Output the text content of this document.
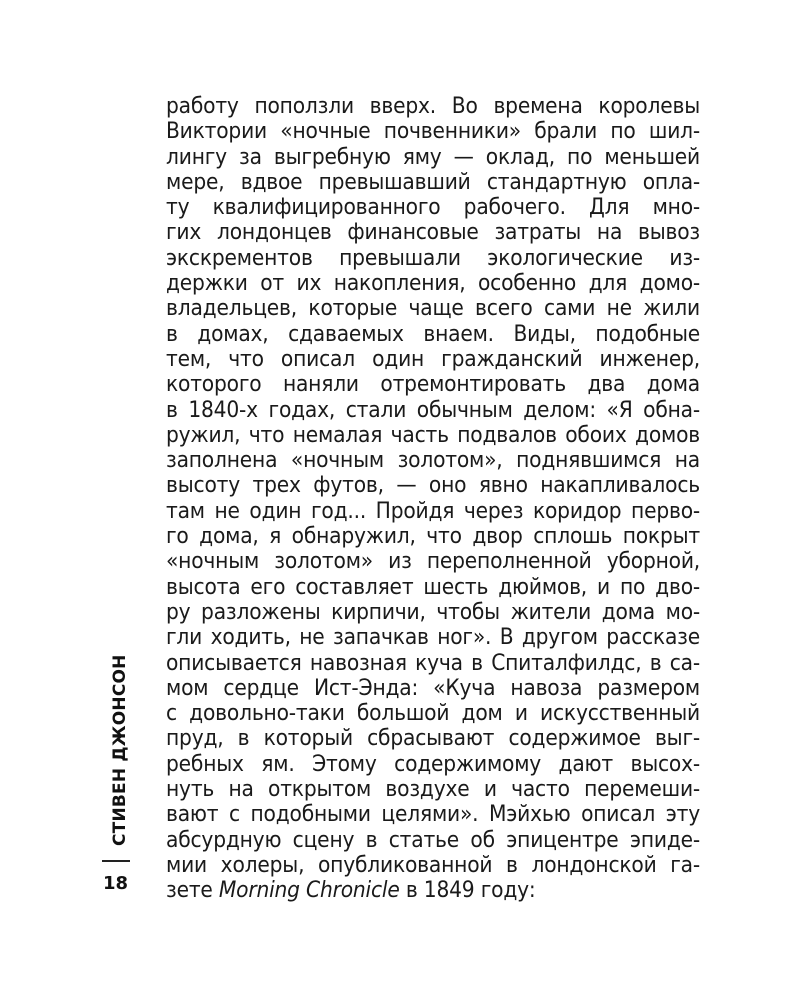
работу поползли вверх. Во времена королевы
Виктории «ночные почвенники» брали по шил-
лингу за выгребную яму — оклад, по меньшей
мере, вдвое превышавший стандартную опла-
ту квалифицированного рабочего. Для мно-
гих лондонцев финансовые затраты на вывоз
экскрементов превышали экологические из-
держки от их накопления, особенно для домо-
владельцев, которые чаще всего сами не жили
в домах, сдаваемых внаем. Виды, подобные
тем, что описал один гражданский инженер,
которого наняли отремонтировать два дома
в 1840-х годах, стали обычным делом: «Я обна-
ружил, что немалая часть подвалов обоих домов
заполнена «ночным золотом», поднявшимся на
высоту трех футов, — оно явно накапливалось
там не один год... Пройдя через коридор перво-
го дома, я обнаружил, что двор сплошь покрыт
«ночным золотом» из переполненной уборной,
высота его составляет шесть дюймов, и по дво-
ру разложены кирпичи, чтобы жители дома мо-
гли ходить, не запачкав ног». В другом рассказе
описывается навозная куча в Спиталфилдс, в са-
мом сердце Ист-Энда: «Куча навоза размером
с довольно-таки большой дом и искусственный
пруд, в который сбрасывают содержимое выг-
ребных ям. Этому содержимому дают высох-
нуть на открытом воздухе и часто перемеши-
вают с подобными целями». Мэйхью описал эту
абсурдную сцену в статье об эпицентре эпиде-
мии холеры, опубликованной в лондонской га-
зете Morning Chronicle в 1849 году:
СТИВЕН ДЖОНСОН
18
